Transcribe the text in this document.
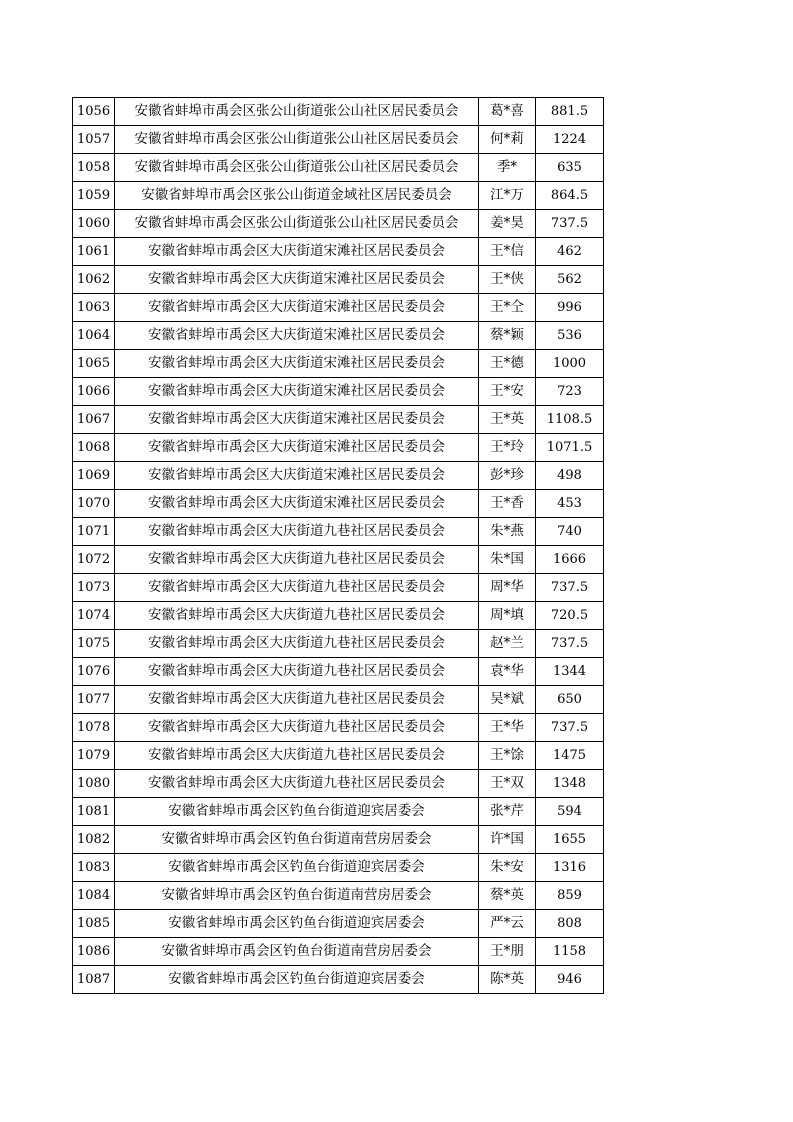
1056	安徽省蚌埠市禹会区张公山街道张公山社区居民委员会	葛*喜	881.5
1057	安徽省蚌埠市禹会区张公山街道张公山社区居民委员会	何*莉	1224
1058	安徽省蚌埠市禹会区张公山街道张公山社区居民委员会	季*	635
1059	安徽省蚌埠市禹会区张公山街道金域社区居民委员会	江*万	864.5
1060	安徽省蚌埠市禹会区张公山街道张公山社区居民委员会	姜*昊	737.5
1061	安徽省蚌埠市禹会区大庆街道宋滩社区居民委员会	王*信	462
1062	安徽省蚌埠市禹会区大庆街道宋滩社区居民委员会	王*侠	562
1063	安徽省蚌埠市禹会区大庆街道宋滩社区居民委员会	王*仝	996
1064	安徽省蚌埠市禹会区大庆街道宋滩社区居民委员会	蔡*颖	536
1065	安徽省蚌埠市禹会区大庆街道宋滩社区居民委员会	王*德	1000
1066	安徽省蚌埠市禹会区大庆街道宋滩社区居民委员会	王*安	723
1067	安徽省蚌埠市禹会区大庆街道宋滩社区居民委员会	王*英	1108.5
1068	安徽省蚌埠市禹会区大庆街道宋滩社区居民委员会	王*玲	1071.5
1069	安徽省蚌埠市禹会区大庆街道宋滩社区居民委员会	彭*珍	498
1070	安徽省蚌埠市禹会区大庆街道宋滩社区居民委员会	王*香	453
1071	安徽省蚌埠市禹会区大庆街道九巷社区居民委员会	朱*燕	740
1072	安徽省蚌埠市禹会区大庆街道九巷社区居民委员会	朱*国	1666
1073	安徽省蚌埠市禹会区大庆街道九巷社区居民委员会	周*华	737.5
1074	安徽省蚌埠市禹会区大庆街道九巷社区居民委员会	周*填	720.5
1075	安徽省蚌埠市禹会区大庆街道九巷社区居民委员会	赵*兰	737.5
1076	安徽省蚌埠市禹会区大庆街道九巷社区居民委员会	袁*华	1344
1077	安徽省蚌埠市禹会区大庆街道九巷社区居民委员会	吴*斌	650
1078	安徽省蚌埠市禹会区大庆街道九巷社区居民委员会	王*华	737.5
1079	安徽省蚌埠市禹会区大庆街道九巷社区居民委员会	王*馀	1475
1080	安徽省蚌埠市禹会区大庆街道九巷社区居民委员会	王*双	1348
1081	安徽省蚌埠市禹会区钓鱼台街道迎宾居委会	张*芹	594
1082	安徽省蚌埠市禹会区钓鱼台街道南营房居委会	许*国	1655
1083	安徽省蚌埠市禹会区钓鱼台街道迎宾居委会	朱*安	1316
1084	安徽省蚌埠市禹会区钓鱼台街道南营房居委会	蔡*英	859
1085	安徽省蚌埠市禹会区钓鱼台街道迎宾居委会	严*云	808
1086	安徽省蚌埠市禹会区钓鱼台街道南营房居委会	王*朋	1158
1087	安徽省蚌埠市禹会区钓鱼台街道迎宾居委会	陈*英	946
